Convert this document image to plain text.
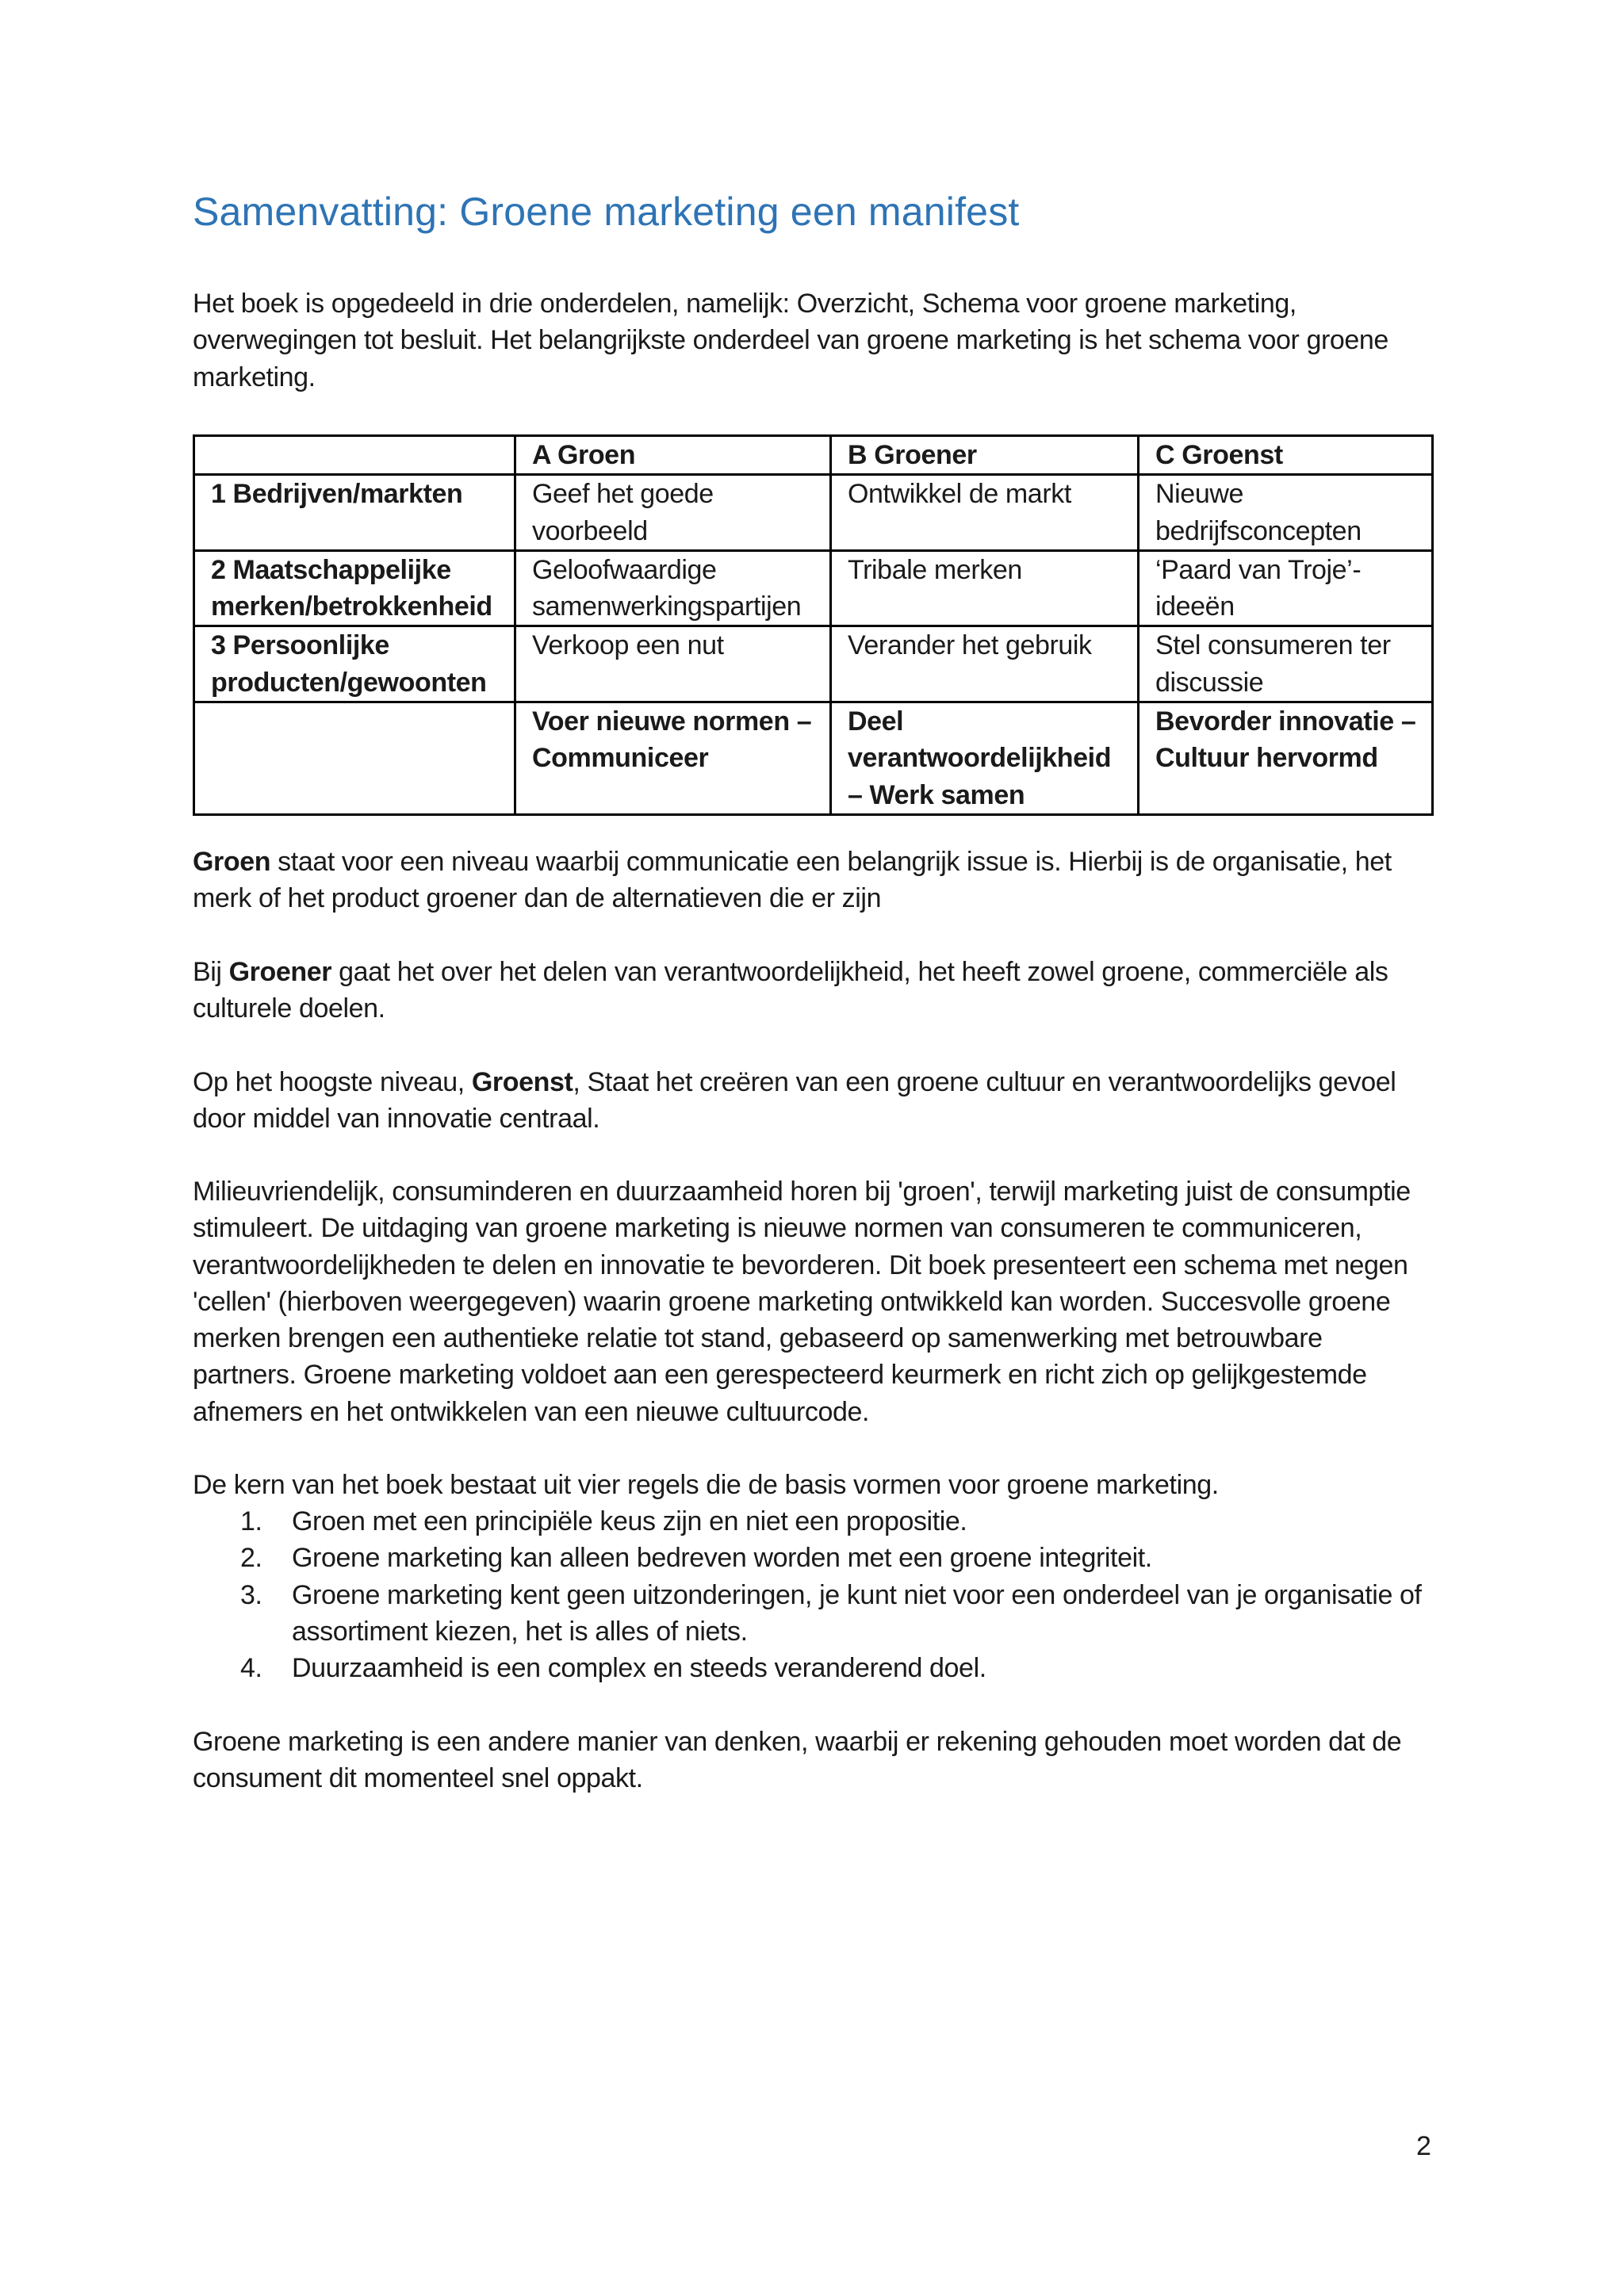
Samenvatting: Groene marketing een manifest

Het boek is opgedeeld in drie onderdelen, namelijk: Overzicht, Schema voor groene marketing, overwegingen tot besluit. Het belangrijkste onderdeel van groene marketing is het schema voor groene marketing.

	A Groen	B Groener	C Groenst
1 Bedrijven/markten	Geef het goede voorbeeld	Ontwikkel de markt	Nieuwe bedrijfsconcepten
2 Maatschappelijke merken/betrokkenheid	Geloofwaardige samenwerkingspartijen	Tribale merken	‘Paard van Troje’-ideeën
3 Persoonlijke producten/gewoonten	Verkoop een nut	Verander het gebruik	Stel consumeren ter discussie
	Voer nieuwe normen – Communiceer	Deel verantwoordelijkheid – Werk samen	Bevorder innovatie – Cultuur hervormd

Groen staat voor een niveau waarbij communicatie een belangrijk issue is. Hierbij is de organisatie, het merk of het product groener dan de alternatieven die er zijn

Bij Groener gaat het over het delen van verantwoordelijkheid, het heeft zowel groene, commerciële als culturele doelen.

Op het hoogste niveau, Groenst, Staat het creëren van een groene cultuur en verantwoordelijks gevoel door middel van innovatie centraal.

Milieuvriendelijk, consuminderen en duurzaamheid horen bij 'groen', terwijl marketing juist de consumptie stimuleert. De uitdaging van groene marketing is nieuwe normen van consumeren te communiceren, verantwoordelijkheden te delen en innovatie te bevorderen. Dit boek presenteert een schema met negen 'cellen' (hierboven weergegeven) waarin groene marketing ontwikkeld kan worden. Succesvolle groene merken brengen een authentieke relatie tot stand, gebaseerd op samenwerking met betrouwbare partners. Groene marketing voldoet aan een gerespecteerd keurmerk en richt zich op gelijkgestemde afnemers en het ontwikkelen van een nieuwe cultuurcode.

De kern van het boek bestaat uit vier regels die de basis vormen voor groene marketing.

1. Groen met een principiële keus zijn en niet een propositie.
2. Groene marketing kan alleen bedreven worden met een groene integriteit.
3. Groene marketing kent geen uitzonderingen, je kunt niet voor een onderdeel van je organisatie of assortiment kiezen, het is alles of niets.
4. Duurzaamheid is een complex en steeds veranderend doel.

Groene marketing is een andere manier van denken, waarbij er rekening gehouden moet worden dat de consument dit momenteel snel oppakt.

2
